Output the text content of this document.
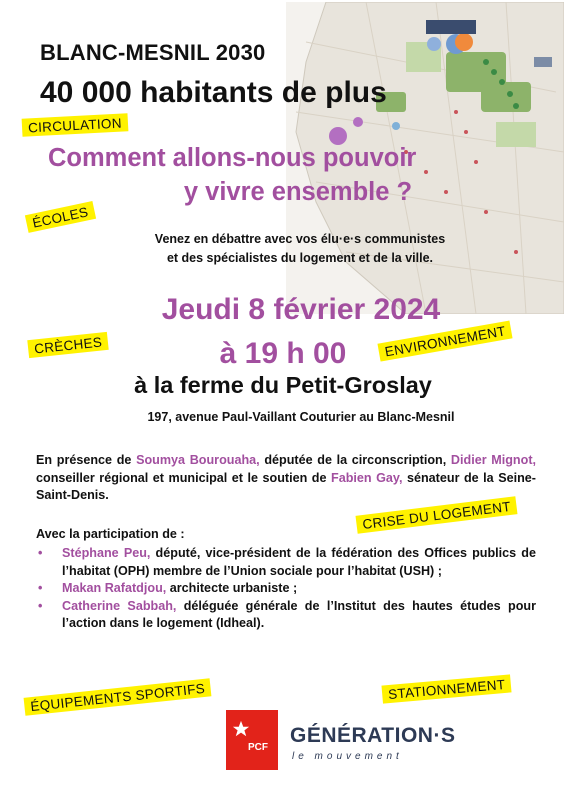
BLANC-MESNIL 2030
40 000 habitants de plus
CIRCULATION
Comment allons-nous pouvoir
y vivre ensemble ?
ÉCOLES
Venez en débattre avec vos élu·e·s communistes
et des spécialistes du logement et de la ville.
Jeudi 8 février 2024
CRÈCHES	à 19 h 00	ENVIRONNEMENT
à la ferme du Petit-Groslay
197, avenue Paul-Vaillant Couturier au Blanc-Mesnil
En présence de Soumya Bourouaha, députée de la circonscription, Didier Mignot, conseiller régional et municipal et le soutien de Fabien Gay, sénateur de la Seine-Saint-Denis.
CRISE DU LOGEMENT
Avec la participation de :
• Stéphane Peu, député, vice-président de la fédération des Offices publics de l’habitat (OPH) membre de l’Union sociale pour l’habitat (USH) ;
• Makan Rafatdjou, architecte urbaniste ;
• Catherine Sabbah, déléguée générale de l’Institut des hautes études pour l’action dans le logement (Idheal).
ÉQUIPEMENTS SPORTIFS	STATIONNEMENT
PCF
GÉNÉRATION·S
le mouvement
